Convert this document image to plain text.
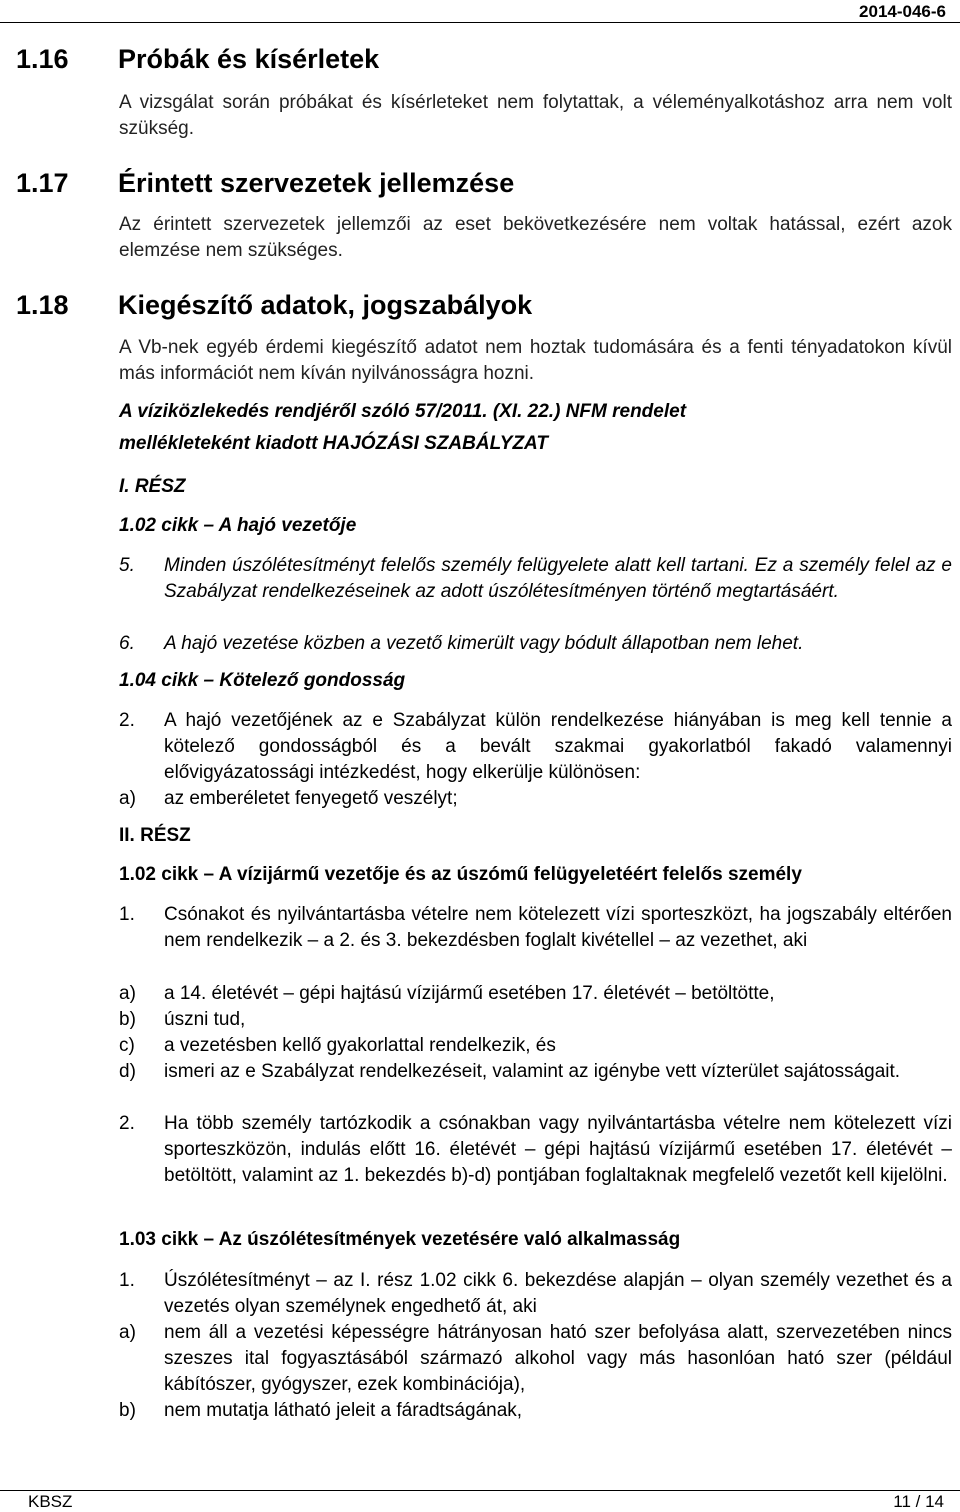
2014-046-6
1.16 Próbák és kísérletek
A vizsgálat során próbákat és kísérleteket nem folytattak, a véleményalkotáshoz arra nem volt szükség.
1.17 Érintett szervezetek jellemzése
Az érintett szervezetek jellemzői az eset bekövetkezésére nem voltak hatással, ezért azok elemzése nem szükséges.
1.18 Kiegészítő adatok, jogszabályok
A Vb-nek egyéb érdemi kiegészítő adatot nem hoztak tudomására és a fenti tényadatokon kívül más információt nem kíván nyilvánosságra hozni.
A víziközlekedés rendjéről szóló 57/2011. (XI. 22.) NFM rendelet
mellékleteként kiadott HAJÓZÁSI SZABÁLYZAT
I. RÉSZ
1.02 cikk – A hajó vezetője
5. Minden úszólétesítményt felelős személy felügyelete alatt kell tartani. Ez a személy felel az e Szabályzat rendelkezéseinek az adott úszólétesítményen történő megtartásáért.
6. A hajó vezetése közben a vezető kimerült vagy bódult állapotban nem lehet.
1.04 cikk – Kötelező gondosság
2. A hajó vezetőjének az e Szabályzat külön rendelkezése hiányában is meg kell tennie a kötelező gondosságból és a bevált szakmai gyakorlatból fakadó valamennyi elővigyázatossági intézkedést, hogy elkerülje különösen:
a) az emberéletet fenyegető veszélyt;
II. RÉSZ
1.02 cikk – A vízijármű vezetője és az úszómű felügyeletéért felelős személy
1. Csónakot és nyilvántartásba vételre nem kötelezett vízi sporteszközt, ha jogszabály eltérően nem rendelkezik – a 2. és 3. bekezdésben foglalt kivétellel – az vezethet, aki
a) a 14. életévét – gépi hajtású vízijármű esetében 17. életévét – betöltötte,
b) úszni tud,
c) a vezetésben kellő gyakorlattal rendelkezik, és
d) ismeri az e Szabályzat rendelkezéseit, valamint az igénybe vett vízterület sajátosságait.
2. Ha több személy tartózkodik a csónakban vagy nyilvántartásba vételre nem kötelezett vízi sporteszközön, indulás előtt 16. életévét – gépi hajtású vízijármű esetében 17. életévét – betöltött, valamint az 1. bekezdés b)-d) pontjában foglaltaknak megfelelő vezetőt kell kijelölni.
1.03 cikk – Az úszólétesítmények vezetésére való alkalmasság
1. Úszólétesítményt – az I. rész 1.02 cikk 6. bekezdése alapján – olyan személy vezethet és a vezetés olyan személynek engedhető át, aki
a) nem áll a vezetési képességre hátrányosan ható szer befolyása alatt, szervezetében nincs szeszes ital fogyasztásából származó alkohol vagy más hasonlóan ható szer (például kábítószer, gyógyszer, ezek kombinációja),
b) nem mutatja látható jeleit a fáradtságának,
KBSZ	11 / 14
